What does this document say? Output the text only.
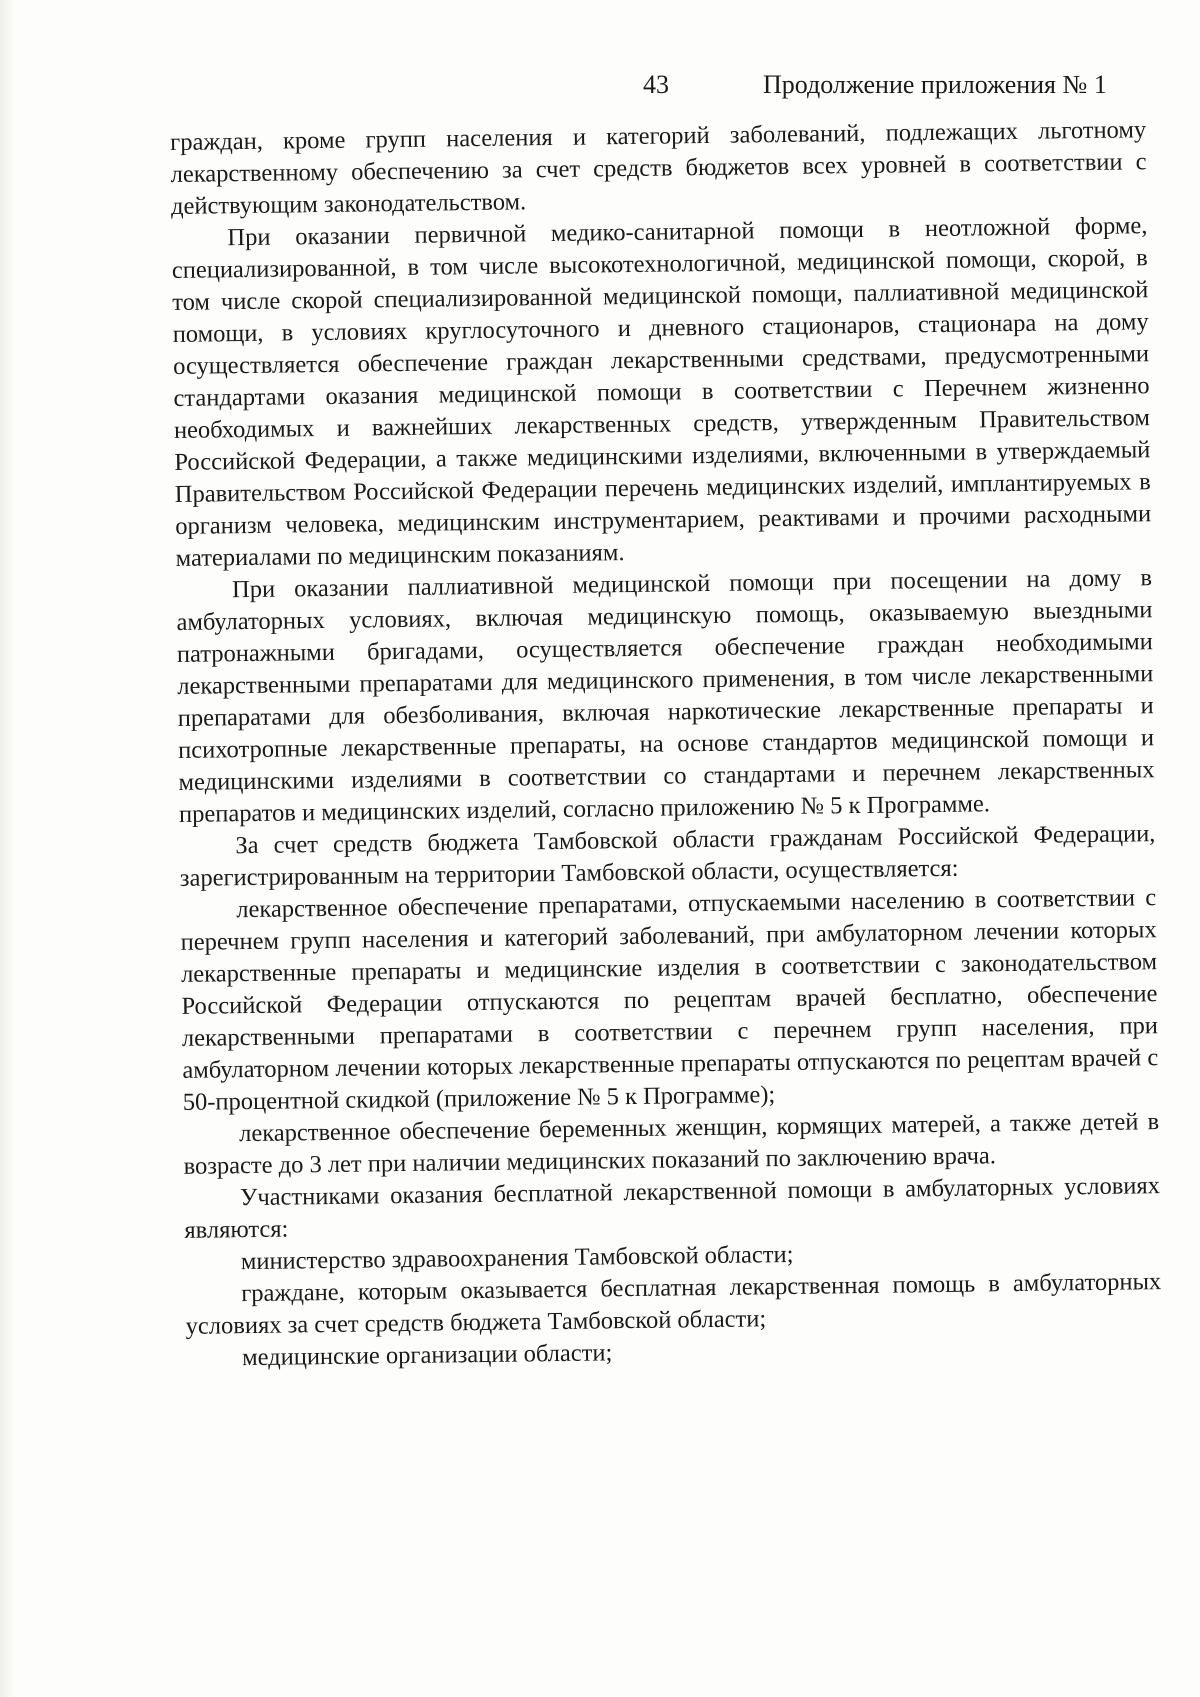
43	Продолжение приложения № 1

граждан, кроме групп населения и категорий заболеваний, подлежащих льготному лекарственному обеспечению за счет средств бюджетов всех уровней в соответствии с действующим законодательством.

При оказании первичной медико-санитарной помощи в неотложной форме, специализированной, в том числе высокотехнологичной, медицинской помощи, скорой, в том числе скорой специализированной медицинской помощи, паллиативной медицинской помощи, в условиях круглосуточного и дневного стационаров, стационара на дому осуществляется обеспечение граждан лекарственными средствами, предусмотренными стандартами оказания медицинской помощи в соответствии с Перечнем жизненно необходимых и важнейших лекарственных средств, утвержденным Правительством Российской Федерации, а также медицинскими изделиями, включенными в утверждаемый Правительством Российской Федерации перечень медицинских изделий, имплантируемых в организм человека, медицинским инструментарием, реактивами и прочими расходными материалами по медицинским показаниям.

При оказании паллиативной медицинской помощи при посещении на дому в амбулаторных условиях, включая медицинскую помощь, оказываемую выездными патронажными бригадами, осуществляется обеспечение граждан необходимыми лекарственными препаратами для медицинского применения, в том числе лекарственными препаратами для обезболивания, включая наркотические лекарственные препараты и психотропные лекарственные препараты, на основе стандартов медицинской помощи и медицинскими изделиями в соответствии со стандартами и перечнем лекарственных препаратов и медицинских изделий, согласно приложению № 5 к Программе.

За счет средств бюджета Тамбовской области гражданам Российской Федерации, зарегистрированным на территории Тамбовской области, осуществляется:

лекарственное обеспечение препаратами, отпускаемыми населению в соответствии с перечнем групп населения и категорий заболеваний, при амбулаторном лечении которых лекарственные препараты и медицинские изделия в соответствии с законодательством Российской Федерации отпускаются по рецептам врачей бесплатно, обеспечение лекарственными препаратами в соответствии с перечнем групп населения, при амбулаторном лечении которых лекарственные препараты отпускаются по рецептам врачей с 50-процентной скидкой (приложение № 5 к Программе);

лекарственное обеспечение беременных женщин, кормящих матерей, а также детей в возрасте до 3 лет при наличии медицинских показаний по заключению врача.

Участниками оказания бесплатной лекарственной помощи в амбулаторных условиях являются:

министерство здравоохранения Тамбовской области;

граждане, которым оказывается бесплатная лекарственная помощь в амбулаторных условиях за счет средств бюджета Тамбовской области;

медицинские организации области;
